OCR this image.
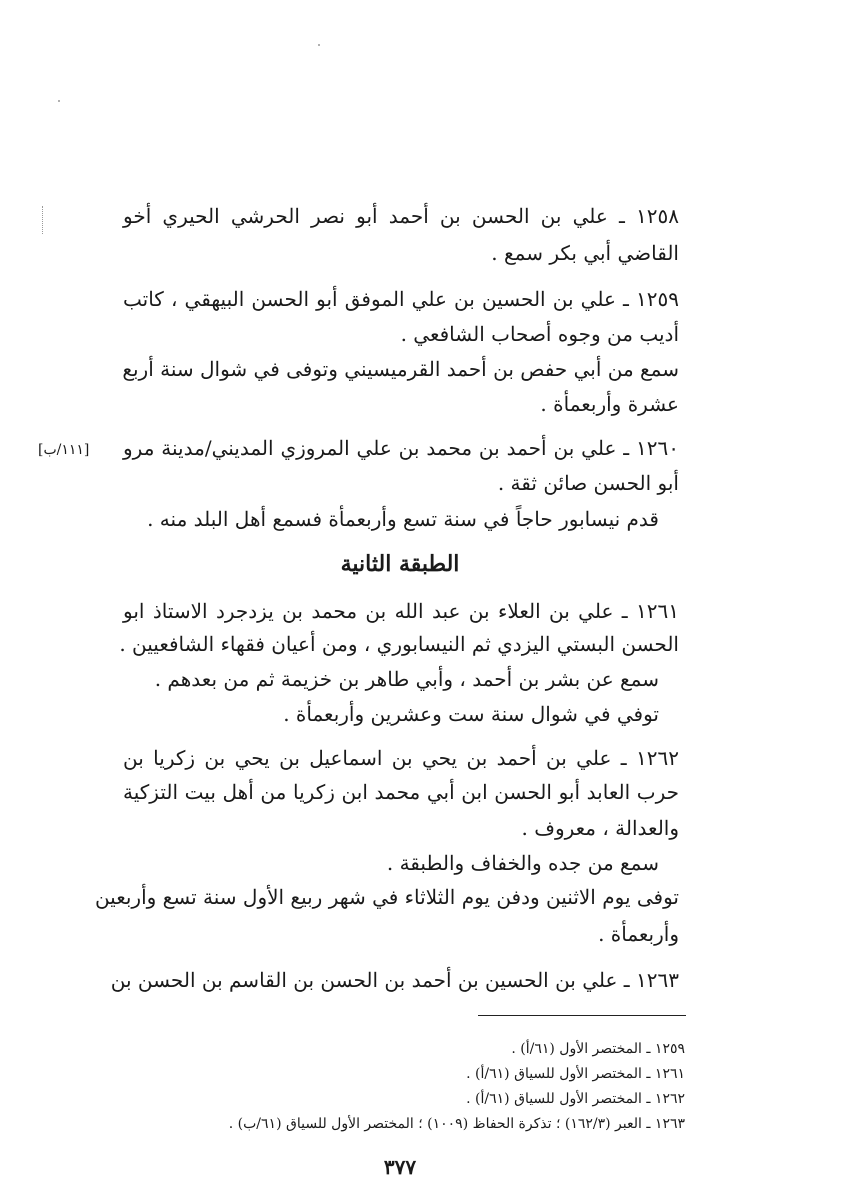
١٢٥٨ ـ علي بن الحسن بن أحمد أبو نصر الحرشي الحيري أخو
القاضي أبي بكر سمع .
١٢٥٩ ـ علي بن الحسين بن علي الموفق أبو الحسن البيهقي ، كاتب
أديب من وجوه أصحاب الشافعي .
سمع من أبي حفص بن أحمد القرميسيني وتوفى في شوال سنة أربع
عشرة وأربعمأة .
١٢٦٠ ـ علي بن أحمد بن محمد بن علي المروزي المديني/مدينة مرو
[١١١/ب]
أبو الحسن صائن ثقة .
قدم نيسابور حاجاً في سنة تسع وأربعمأة فسمع أهل البلد منه .
الطبقة الثانية
١٢٦١ ـ علي بن العلاء بن عبد الله بن محمد بن يزدجرد الاستاذ ابو
الحسن البستي اليزدي ثم النيسابوري ، ومن أعيان فقهاء الشافعيين .
سمع عن بشر بن أحمد ، وأبي طاهر بن خزيمة ثم من بعدهم .
توفي في شوال سنة ست وعشرين وأربعمأة .
١٢٦٢ ـ علي بن أحمد بن يحي بن اسماعيل بن يحي بن زكريا بن
حرب العابد أبو الحسن ابن أبي محمد ابن زكريا من أهل بيت التزكية
والعدالة ، معروف .
سمع من جده والخفاف والطبقة .
توفى يوم الاثنين ودفن يوم الثلاثاء في شهر ربيع الأول سنة تسع وأربعين
وأربعمأة .
١٢٦٣ ـ علي بن الحسين بن أحمد بن الحسن بن القاسم بن الحسن بن
١٢٥٩ ـ المختصر الأول (٦١/أ) .
١٢٦١ ـ المختصر الأول للسياق (٦١/أ) .
١٢٦٢ ـ المختصر الأول للسياق (٦١/أ) .
١٢٦٣ ـ العبر (١٦٢/٣) ؛ تذكرة الحفاظ (١٠٠٩) ؛ المختصر الأول للسياق (٦١/ب) .
٣٧٧
